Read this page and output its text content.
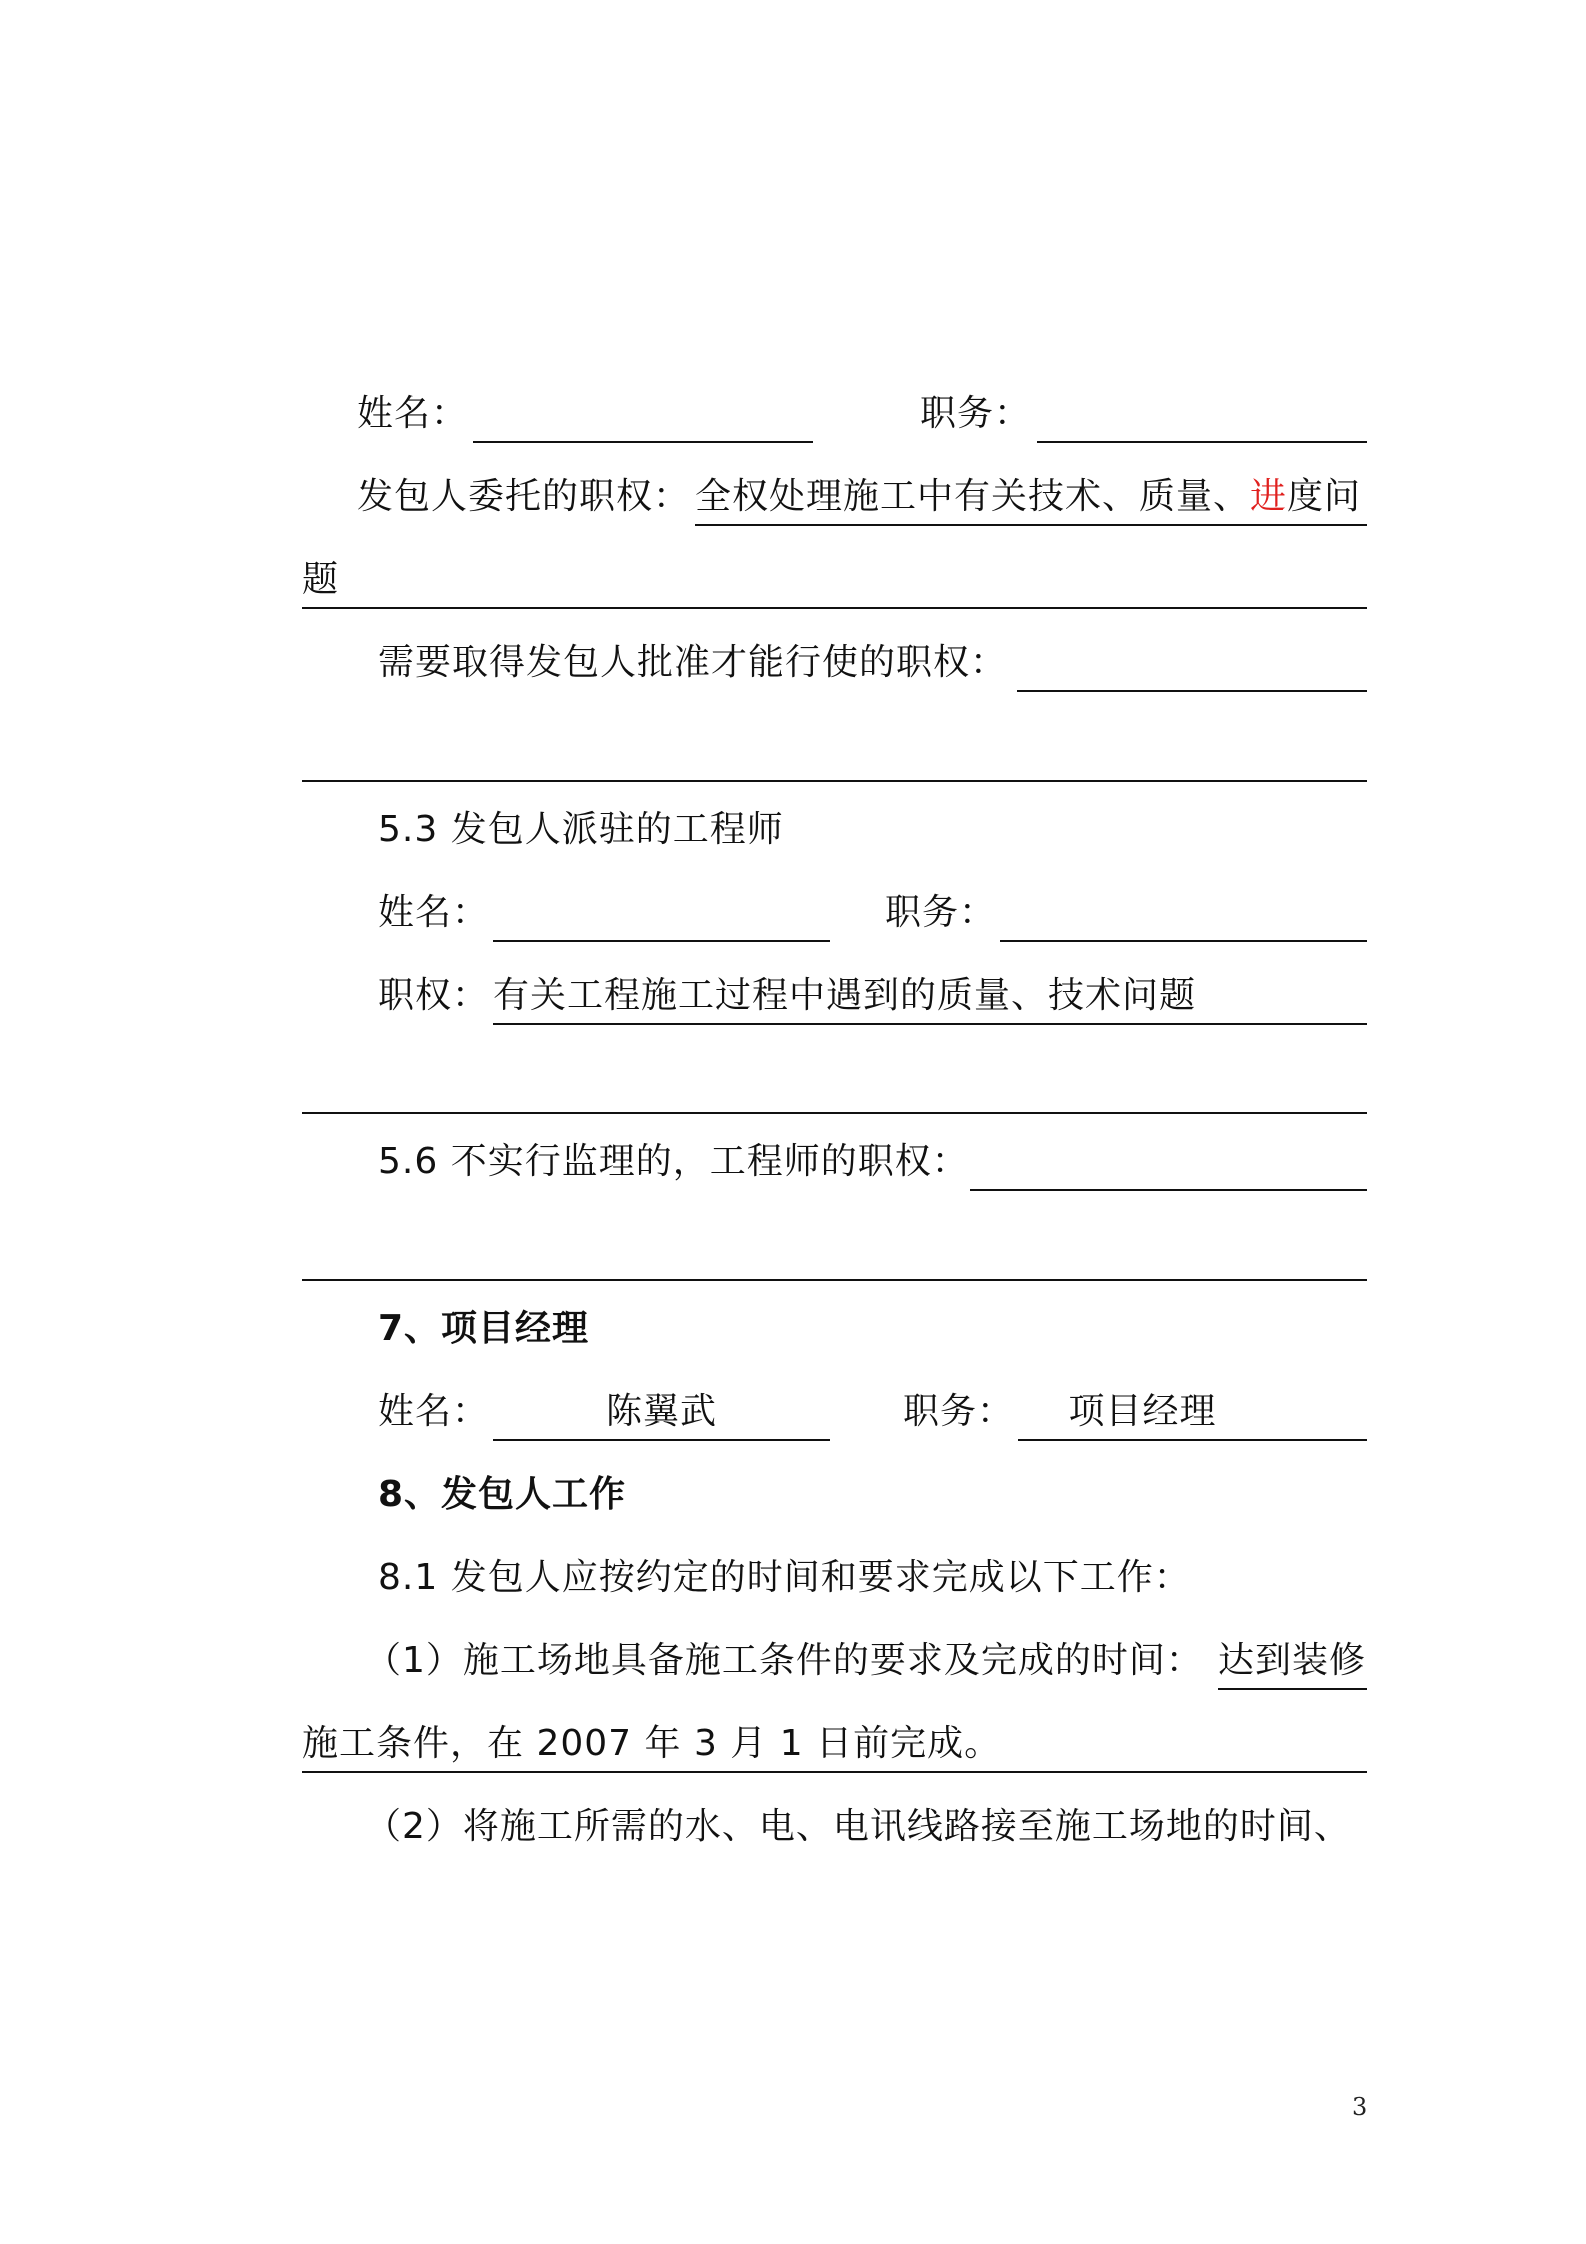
姓名：	职务：
发包人委托的职权： 全权处理施工中有关技术、质量、进度问
题
需要取得发包人批准才能行使的职权：
5.3 发包人派驻的工程师
姓名：	职务：
职权： 有关工程施工过程中遇到的质量、技术问题
5.6 不实行监理的，工程师的职权：
7、项目经理
姓名：	陈翼武	职务：	项目经理
8、发包人工作
8.1 发包人应按约定的时间和要求完成以下工作：
（1）施工场地具备施工条件的要求及完成的时间： 达到装修
施工条件，在 2007 年 3 月 1 日前完成。
（2）将施工所需的水、电、电讯线路接至施工场地的时间、
3
